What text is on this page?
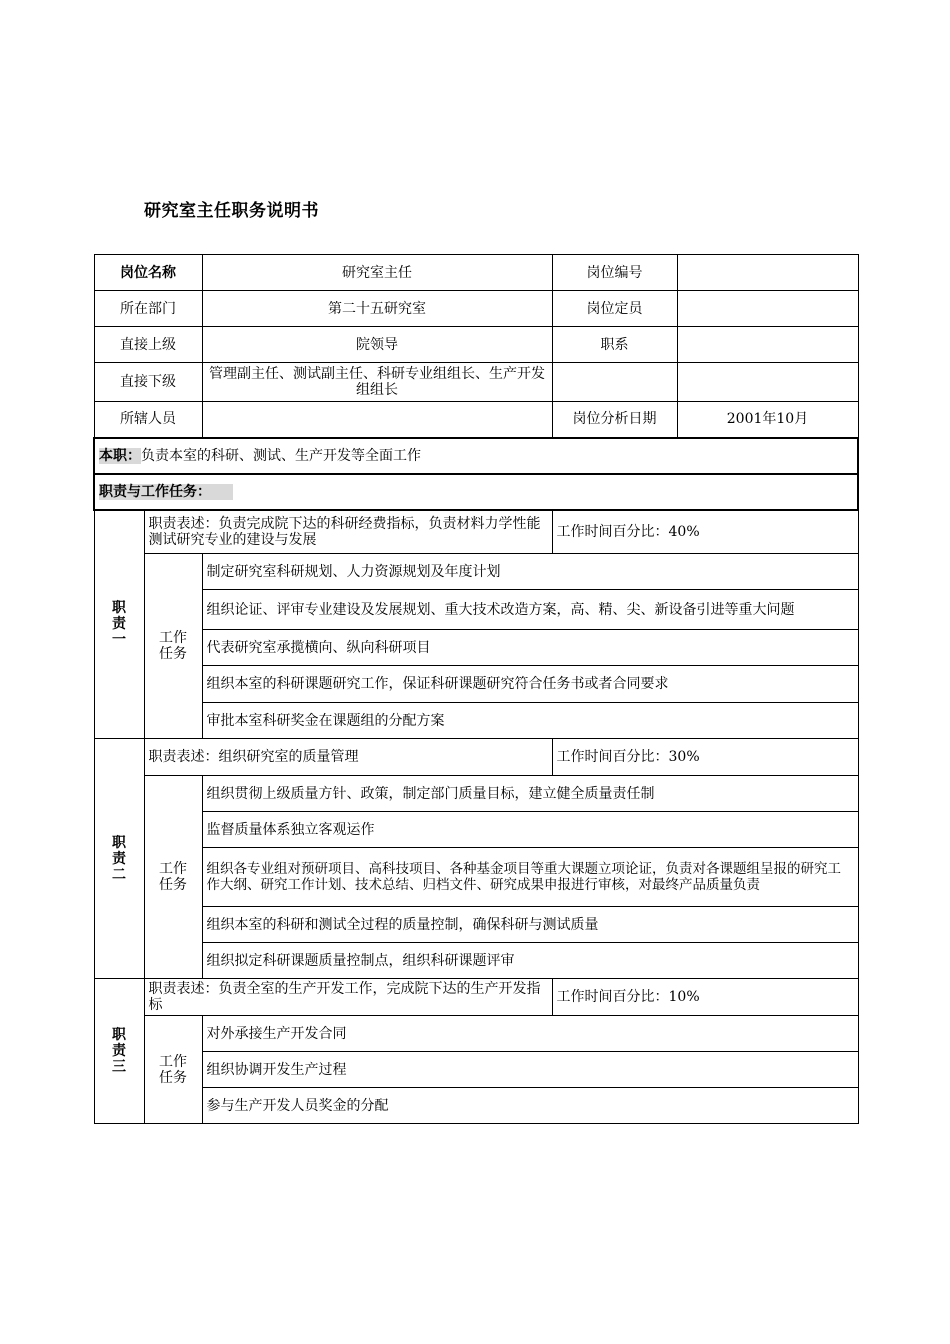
研究室主任职务说明书
岗位名称		研究室主任	岗位编号	
所在部门		第二十五研究室	岗位定员	
直接上级		院领导	职系	
直接下级		管理副主任、测试副主任、科研专业组组长、生产开发组组长		
所辖人员			岗位分析日期	2001年10月
本职：负责本室的科研、测试、生产开发等全面工作				
职责与工作任务：				
职责一	职责表述：负责完成院下达的科研经费指标，负责材料力学性能测试研究专业的建设与发展		工作时间百分比：40%	
	工作任务	制定研究室科研规划、人力资源规划及年度计划		
		组织论证、评审专业建设及发展规划、重大技术改造方案，高、精、尖、新设备引进等重大问题		
		代表研究室承揽横向、纵向科研项目		
		组织本室的科研课题研究工作，保证科研课题研究符合任务书或者合同要求		
		审批本室科研奖金在课题组的分配方案		
职责二	职责表述：组织研究室的质量管理		工作时间百分比：30%	
	工作任务	组织贯彻上级质量方针、政策，制定部门质量目标，建立健全质量责任制		
		监督质量体系独立客观运作		
		组织各专业组对预研项目、高科技项目、各种基金项目等重大课题立项论证，负责对各课题组呈报的研究工作大纲、研究工作计划、技术总结、归档文件、研究成果申报进行审核，对最终产品质量负责		
		组织本室的科研和测试全过程的质量控制，确保科研与测试质量		
		组织拟定科研课题质量控制点，组织科研课题评审		
职责三	职责表述：负责全室的生产开发工作，完成院下达的生产开发指标		工作时间百分比：10%	
	工作任务	对外承接生产开发合同		
		组织协调开发生产过程		
		参与生产开发人员奖金的分配		
